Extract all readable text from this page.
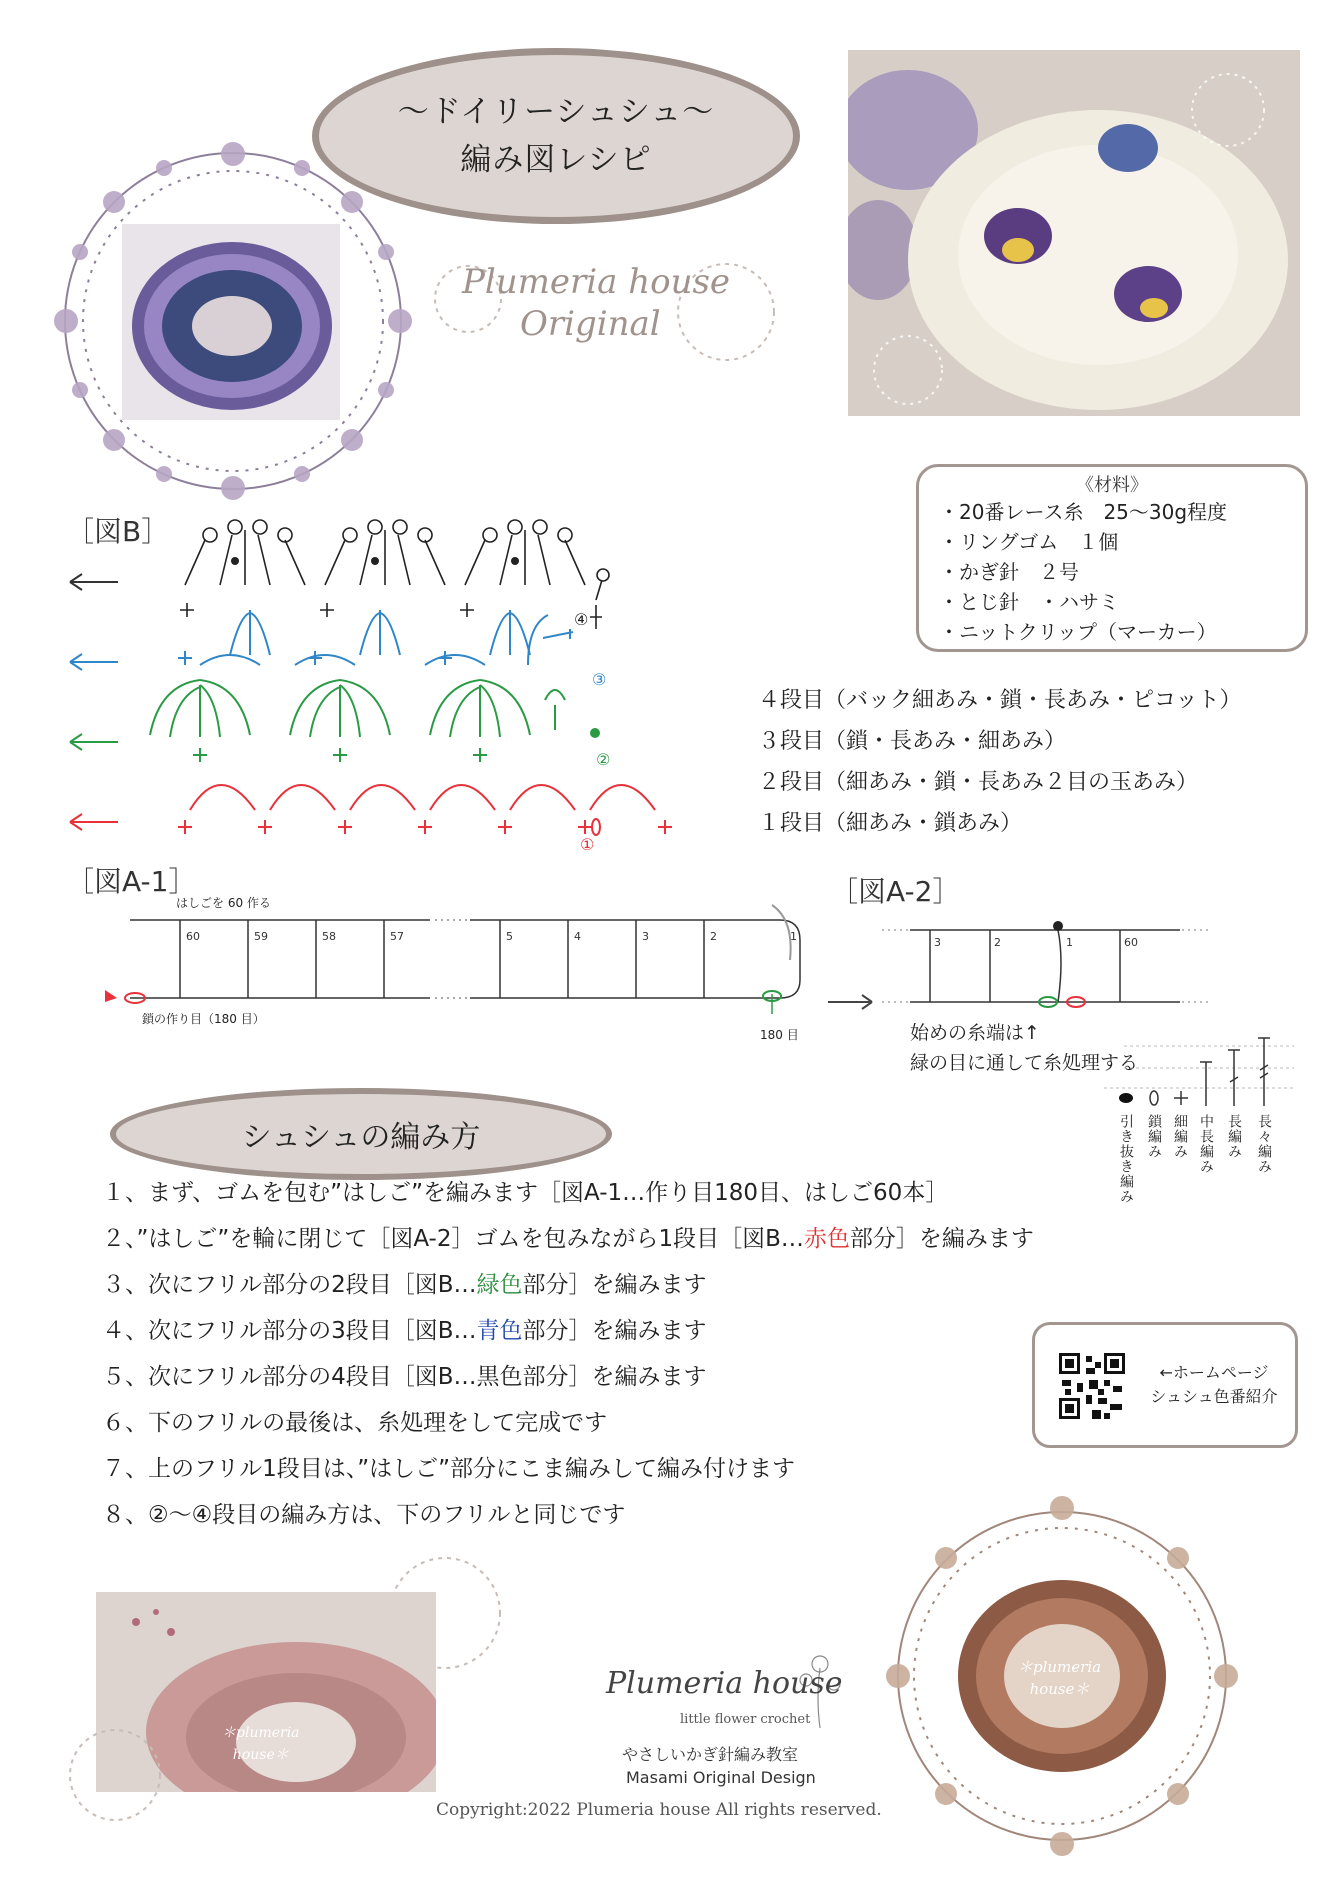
〜ドイリーシュシュ〜
編み図レシピ
Plumeria house
Original
《材料》
・20番レース糸　25〜30g程度
・リングゴム　１個
・かぎ針　２号
・とじ針　・ハサミ
・ニットクリップ（マーカー）
［図B］
④
③
②
①
４段目（バック細あみ・鎖・長あみ・ピコット）
３段目（鎖・長あみ・細あみ）
２段目（細あみ・鎖・長あみ２目の玉あみ）
１段目（細あみ・鎖あみ）
［図A-1］
はしごを 60 作る
60	59	58	57	5	4	3	2	1
鎖の作り目（180 目）
180 目
［図A-2］
3	2	1	60
始めの糸端は↑
緑の目に通して糸処理する
引き抜き編み 鎖編み 細編み 中長編み 長編み 長々編み
シュシュの編み方
１、まず、ゴムを包む”はしご”を編みます［図A-1…作り目180目、はしご60本］
２、”はしご”を輪に閉じて［図A-2］ゴムを包みながら1段目［図B…赤色部分］を編みます
３、次にフリル部分の2段目［図B…緑色部分］を編みます
４、次にフリル部分の3段目［図B…青色部分］を編みます
５、次にフリル部分の4段目［図B…黒色部分］を編みます
６、下のフリルの最後は、糸処理をして完成です
７、上のフリル1段目は、”はしご”部分にこま編みして編み付けます
８、②〜④段目の編み方は、下のフリルと同じです
←ホームページ
シュシュ色番紹介
＊plumeria
house＊
Plumeria house
little flower crochet
やさしいかぎ針編み教室
Masami Original Design
Copyright:2022 Plumeria house All rights reserved.
＊plumeria
house＊
